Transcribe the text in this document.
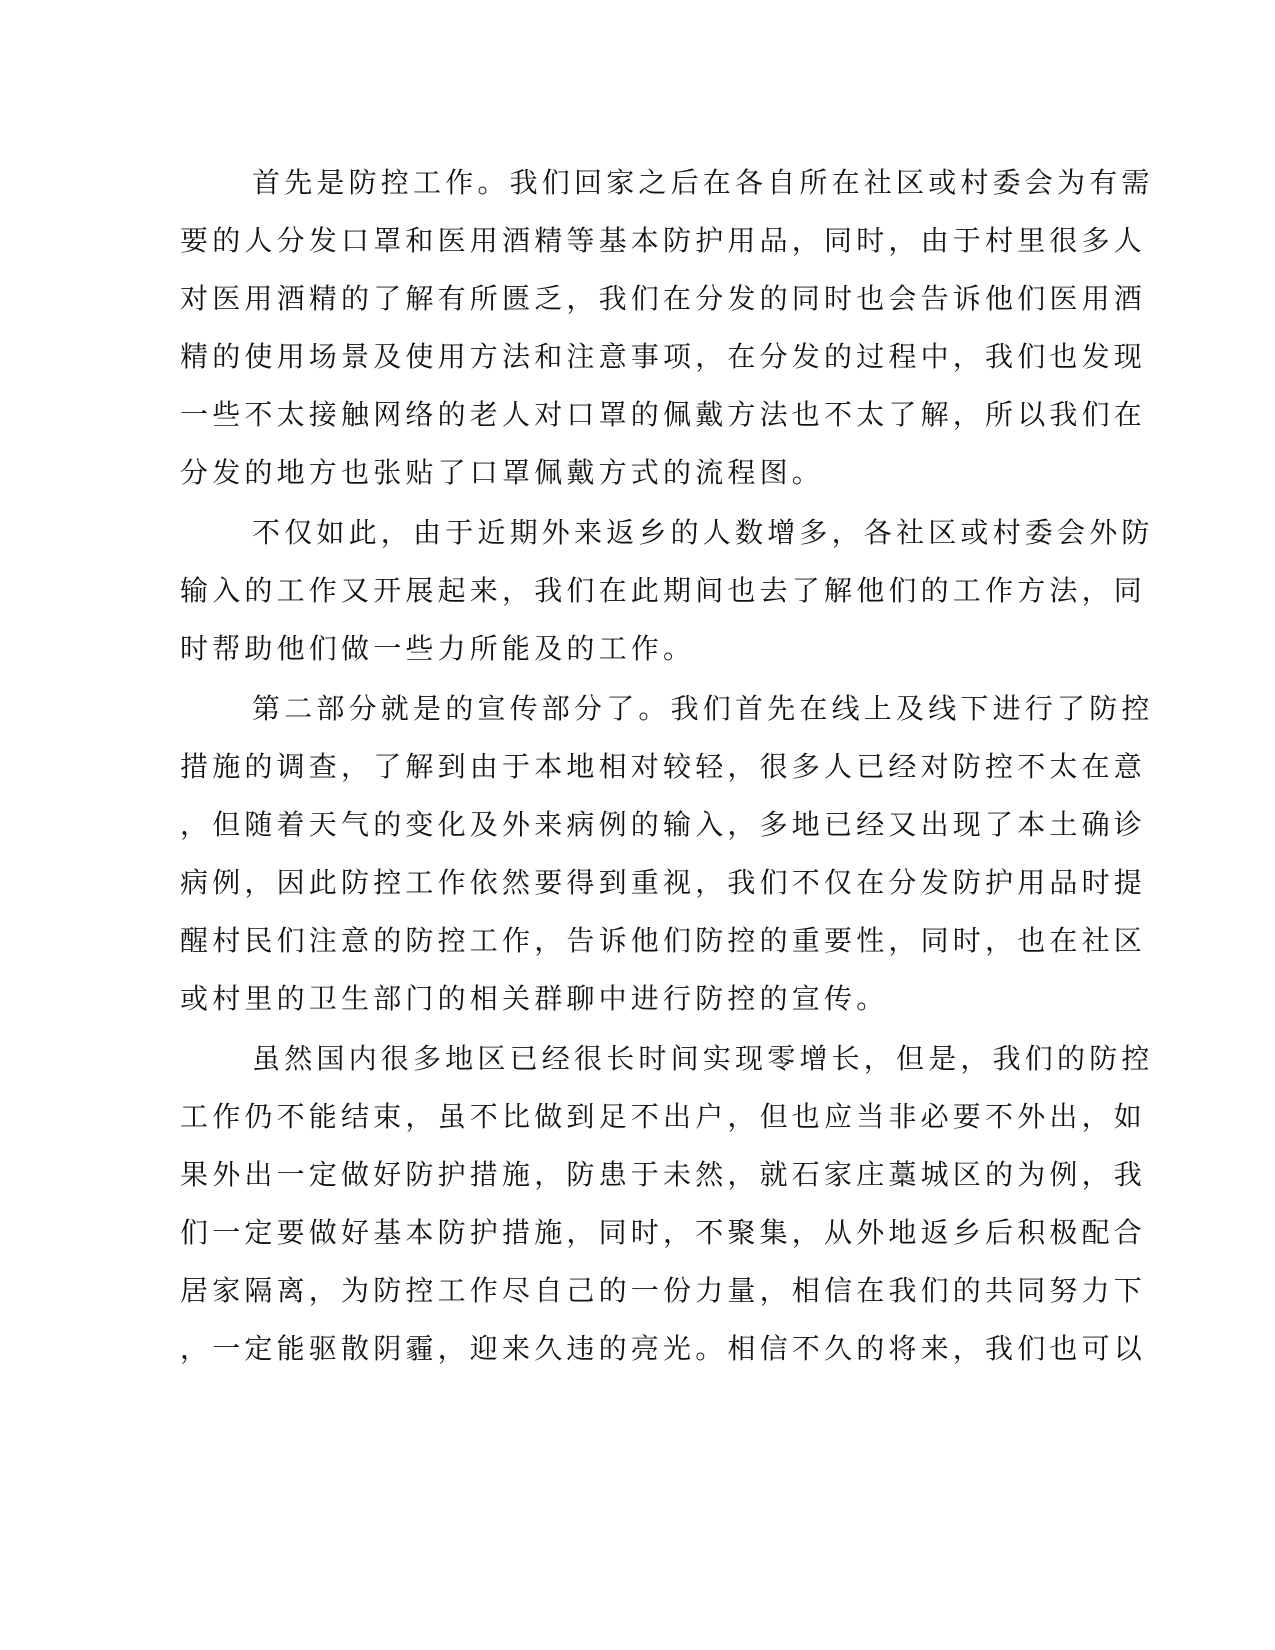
首先是防控工作。我们回家之后在各自所在社区或村委会为有需
要的人分发口罩和医用酒精等基本防护用品，同时，由于村里很多人
对医用酒精的了解有所匮乏，我们在分发的同时也会告诉他们医用酒
精的使用场景及使用方法和注意事项，在分发的过程中，我们也发现
一些不太接触网络的老人对口罩的佩戴方法也不太了解，所以我们在
分发的地方也张贴了口罩佩戴方式的流程图。
不仅如此，由于近期外来返乡的人数增多，各社区或村委会外防
输入的工作又开展起来，我们在此期间也去了解他们的工作方法，同
时帮助他们做一些力所能及的工作。
第二部分就是的宣传部分了。我们首先在线上及线下进行了防控
措施的调查，了解到由于本地相对较轻，很多人已经对防控不太在意
，但随着天气的变化及外来病例的输入，多地已经又出现了本土确诊
病例，因此防控工作依然要得到重视，我们不仅在分发防护用品时提
醒村民们注意的防控工作，告诉他们防控的重要性，同时，也在社区
或村里的卫生部门的相关群聊中进行防控的宣传。
虽然国内很多地区已经很长时间实现零增长，但是，我们的防控
工作仍不能结束，虽不比做到足不出户，但也应当非必要不外出，如
果外出一定做好防护措施，防患于未然，就石家庄藁城区的为例，我
们一定要做好基本防护措施，同时，不聚集，从外地返乡后积极配合
居家隔离，为防控工作尽自己的一份力量，相信在我们的共同努力下
，一定能驱散阴霾，迎来久违的亮光。相信不久的将来，我们也可以
